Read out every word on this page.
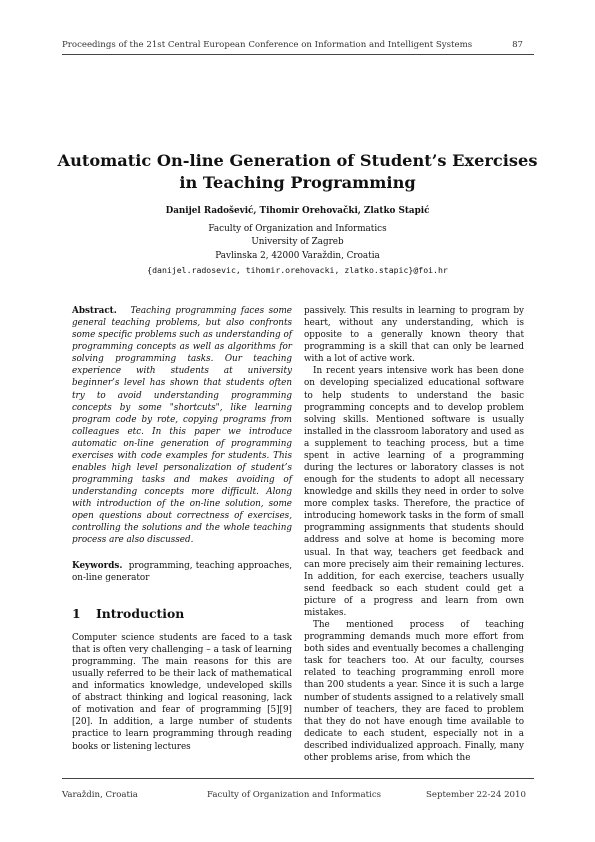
Proceedings of the 21st Central European Conference on Information and Intelligent Systems	87
Automatic On-line Generation of Student’s Exercises
in Teaching Programming
Danijel Radošević, Tihomir Orehovački, Zlatko Stapić
Faculty of Organization and Informatics
University of Zagreb
Pavlinska 2, 42000 Varaždin, Croatia
{danijel.radosevic, tihomir.orehovacki, zlatko.stapic}@foi.hr

Abstract. Teaching programming faces some general teaching problems, but also confronts some specific problems such as understanding of programming concepts as well as algorithms for solving programming tasks. Our teaching experience with students at university beginner’s level has shown that students often try to avoid understanding programming concepts by some "shortcuts", like learning program code by rote, copying programs from colleagues etc. In this paper we introduce automatic on-line generation of programming exercises with code examples for students. This enables high level personalization of student’s programming tasks and makes avoiding of understanding concepts more difficult. Along with introduction of the on-line solution, some open questions about correctness of exercises, controlling the solutions and the whole teaching process are also discussed.

Keywords. programming, teaching approaches, on-line generator

1 Introduction

Computer science students are faced to a task that is often very challenging – a task of learning programming. The main reasons for this are usually referred to be their lack of mathematical and informatics knowledge, undeveloped skills of abstract thinking and logical reasoning, lack of motivation and fear of programming [5][9][20]. In addition, a large number of students practice to learn programming through reading books or listening lectures

passively. This results in learning to program by heart, without any understanding, which is opposite to a generally known theory that programming is a skill that can only be learned with a lot of active work.

In recent years intensive work has been done on developing specialized educational software to help students to understand the basic programming concepts and to develop problem solving skills. Mentioned software is usually installed in the classroom laboratory and used as a supplement to teaching process, but a time spent in active learning of a programming during the lectures or laboratory classes is not enough for the students to adopt all necessary knowledge and skills they need in order to solve more complex tasks. Therefore, the practice of introducing homework tasks in the form of small programming assignments that students should address and solve at home is becoming more usual. In that way, teachers get feedback and can more precisely aim their remaining lectures. In addition, for each exercise, teachers usually send feedback so each student could get a picture of a progress and learn from own mistakes.

The mentioned process of teaching programming demands much more effort from both sides and eventually becomes a challenging task for teachers too. At our faculty, courses related to teaching programming enroll more than 200 students a year. Since it is such a large number of students assigned to a relatively small number of teachers, they are faced to problem that they do not have enough time available to dedicate to each student, especially not in a described individualized approach. Finally, many other problems arise, from which the

Varaždin, Croatia	Faculty of Organization and Informatics	September 22-24 2010
